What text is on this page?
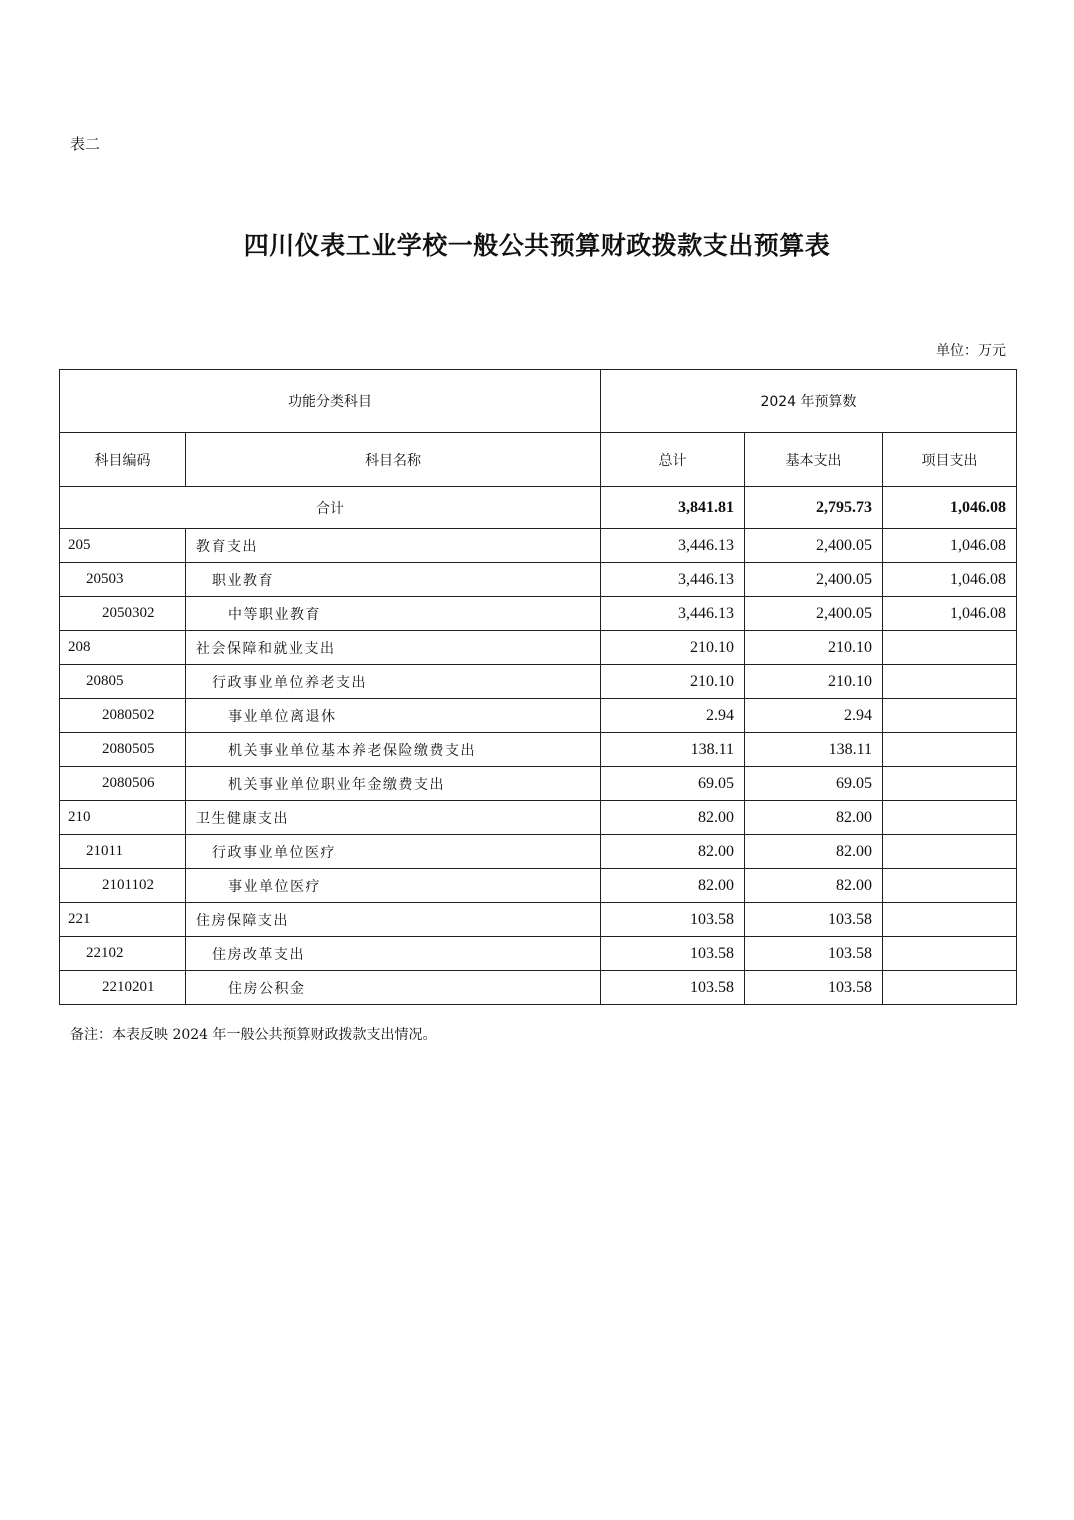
表二
四川仪表工业学校一般公共预算财政拨款支出预算表
单位：万元
功能分类科目		2024 年预算数		
科目编码	科目名称	总计	基本支出	项目支出
合计		3,841.81	2,795.73	1,046.08
205	教育支出	3,446.13	2,400.05	1,046.08
20503	职业教育	3,446.13	2,400.05	1,046.08
2050302	中等职业教育	3,446.13	2,400.05	1,046.08
208	社会保障和就业支出	210.10	210.10	
20805	行政事业单位养老支出	210.10	210.10	
2080502	事业单位离退休	2.94	2.94	
2080505	机关事业单位基本养老保险缴费支出	138.11	138.11	
2080506	机关事业单位职业年金缴费支出	69.05	69.05	
210	卫生健康支出	82.00	82.00	
21011	行政事业单位医疗	82.00	82.00	
2101102	事业单位医疗	82.00	82.00	
221	住房保障支出	103.58	103.58	
22102	住房改革支出	103.58	103.58	
2210201	住房公积金	103.58	103.58	
备注：本表反映 2024 年一般公共预算财政拨款支出情况。
